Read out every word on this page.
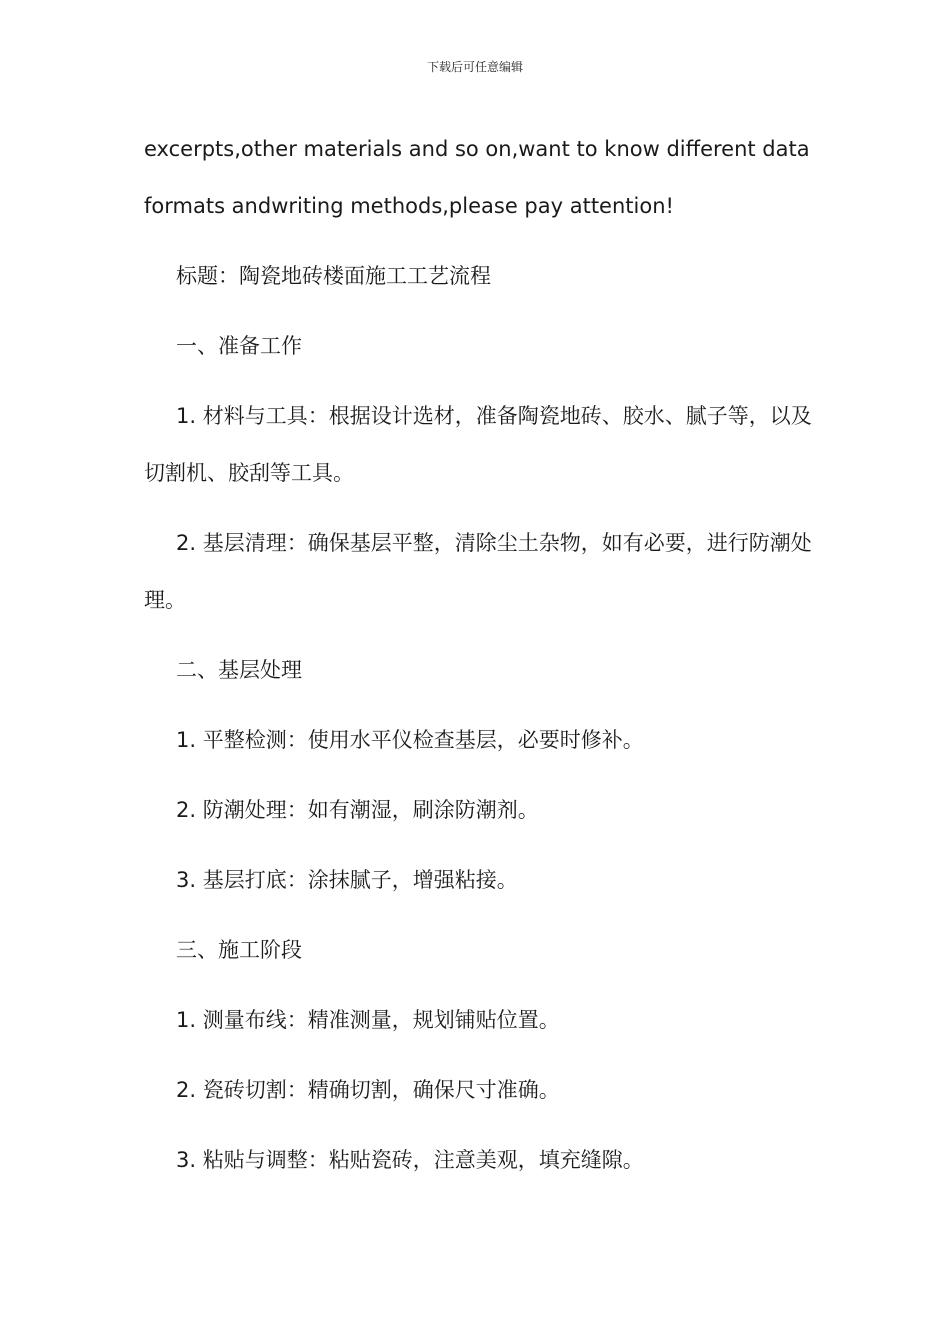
下载后可任意编辑
excerpts,other materials and so on,want to know different data
formats andwriting methods,please pay attention!
标题：陶瓷地砖楼面施工工艺流程
一、准备工作
1. 材料与工具：根据设计选材，准备陶瓷地砖、胶水、腻子等，以及
切割机、胶刮等工具。
2. 基层清理：确保基层平整，清除尘土杂物，如有必要，进行防潮处
理。
二、基层处理
1. 平整检测：使用水平仪检查基层，必要时修补。
2. 防潮处理：如有潮湿，刷涂防潮剂。
3. 基层打底：涂抹腻子，增强粘接。
三、施工阶段
1. 测量布线：精准测量，规划铺贴位置。
2. 瓷砖切割：精确切割，确保尺寸准确。
3. 粘贴与调整：粘贴瓷砖，注意美观，填充缝隙。
